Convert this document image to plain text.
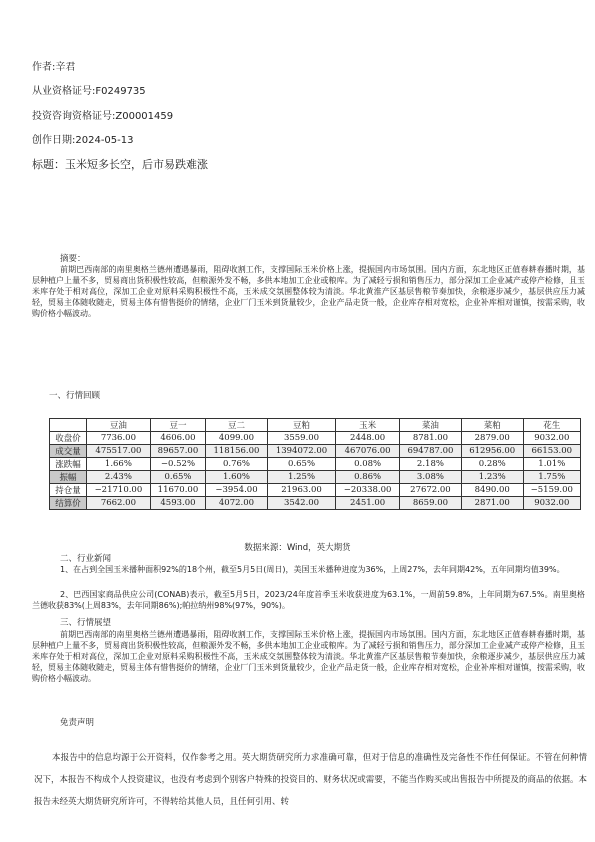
作者:辛君
从业资格证号:F0249735
投资咨询资格证号:Z00001459
创作日期:2024-05-13
标题：玉米短多长空，后市易跌难涨
摘要：
前期巴西南部的南里奥格兰德州遭遇暴雨，阻碍收割工作，支撑国际玉米价格上涨，提振国内市场氛围。国内方面，东北地区正值春耕春播时期，基层种植户上量不多，贸易商出货积极性较高，但粮源外发不畅，多供本地加工企业或粮库。为了减轻亏损和销售压力，部分深加工企业减产或停产检修，且玉米库存处于相对高位，深加工企业对原料采购积极性不高，玉米成交氛围整体较为清淡。华北黄淮产区基层售粮节奏加快，余粮逐步减少，基层供应压力减轻，贸易主体随收随走，贸易主体有惜售挺价的情绪，企业厂门玉米到货量较少，企业产品走货一般，企业库存相对宽松，企业补库相对谨慎，按需采购，收购价格小幅波动。
一、行情回顾
	豆油	豆一	豆二	豆粕	玉米	菜油	菜粕	花生
收盘价	7736.00	4606.00	4099.00	3559.00	2448.00	8781.00	2879.00	9032.00
成交量	475517.00	89657.00	118156.00	1394072.00	467076.00	694787.00	612956.00	66153.00
涨跌幅	1.66%	−0.52%	0.76%	0.65%	0.08%	2.18%	0.28%	1.01%
振幅	2.43%	0.65%	1.60%	1.25%	0.86%	3.08%	1.23%	1.75%
持仓量	−21710.00	11670.00	−3954.00	21963.00	−20338.00	27672.00	8490.00	−5159.00
结算价	7662.00	4593.00	4072.00	3542.00	2451.00	8659.00	2871.00	9032.00
数据来源：Wind，英大期货
二、行业新闻
1、在占到全国玉米播种面积92%的18个州，截至5月5日(周日)，美国玉米播种进度为36%，上周27%，去年同期42%，五年同期均值39%。
2、巴西国家商品供应公司(CONAB)表示，截至5月5日，2023/24年度首季玉米收获进度为63.1%，一周前59.8%，上年同期为67.5%。南里奥格兰德收获83%(上周83%，去年同期86%);帕拉纳州98%(97%，90%)。
三、行情展望
前期巴西南部的南里奥格兰德州遭遇暴雨，阻碍收割工作，支撑国际玉米价格上涨，提振国内市场氛围。国内方面，东北地区正值春耕春播时期，基层种植户上量不多，贸易商出货积极性较高，但粮源外发不畅，多供本地加工企业或粮库。为了减轻亏损和销售压力，部分深加工企业减产或停产检修，且玉米库存处于相对高位，深加工企业对原料采购积极性不高，玉米成交氛围整体较为清淡。华北黄淮产区基层售粮节奏加快，余粮逐步减少，基层供应压力减轻，贸易主体随收随走，贸易主体有惜售挺价的情绪，企业厂门玉米到货量较少，企业产品走货一般，企业库存相对宽松，企业补库相对谨慎，按需采购，收购价格小幅波动。
免责声明
本报告中的信息均源于公开资料，仅作参考之用。英大期货研究所力求准确可靠，但对于信息的准确性及完备性不作任何保证。不管在何种情况下，本报告不构成个人投资建议，也没有考虑到个别客户特殊的投资目的、财务状况或需要，不能当作购买或出售报告中所提及的商品的依据。本报告未经英大期货研究所许可，不得转给其他人员，且任何引用、转
